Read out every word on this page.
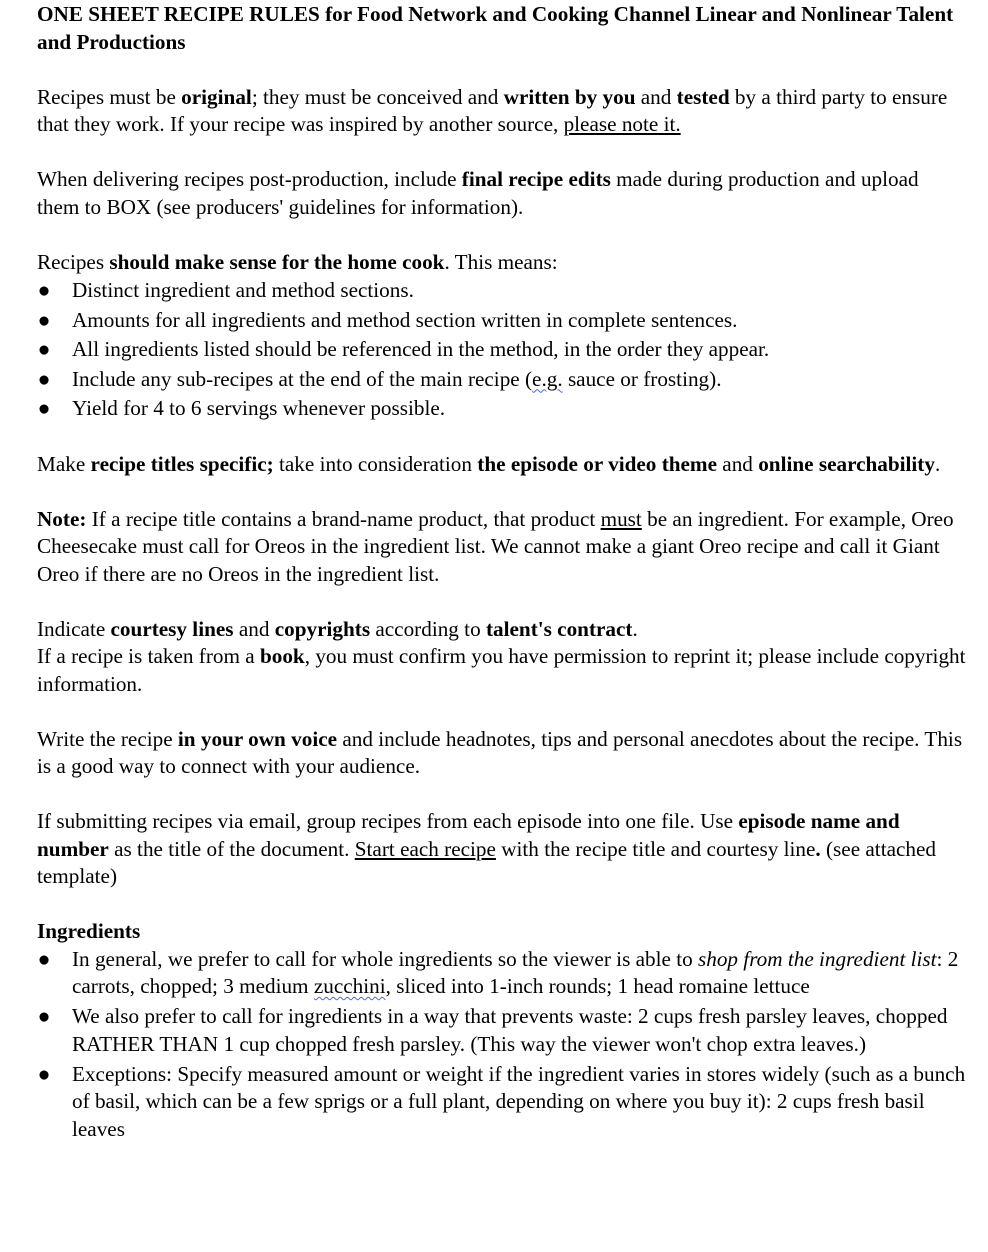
ONE SHEET RECIPE RULES for Food Network and Cooking Channel Linear and Nonlinear Talent and Productions

Recipes must be original; they must be conceived and written by you and tested by a third party to ensure that they work. If your recipe was inspired by another source, please note it.

When delivering recipes post-production, include final recipe edits made during production and upload them to BOX (see producers' guidelines for information).

Recipes should make sense for the home cook. This means:

● Distinct ingredient and method sections.
● Amounts for all ingredients and method section written in complete sentences.
● All ingredients listed should be referenced in the method, in the order they appear.
● Include any sub-recipes at the end of the main recipe (e.g. sauce or frosting).
● Yield for 4 to 6 servings whenever possible.

Make recipe titles specific; take into consideration the episode or video theme and online searchability.

Note: If a recipe title contains a brand-name product, that product must be an ingredient. For example, Oreo Cheesecake must call for Oreos in the ingredient list. We cannot make a giant Oreo recipe and call it Giant Oreo if there are no Oreos in the ingredient list.

Indicate courtesy lines and copyrights according to talent's contract.

If a recipe is taken from a book, you must confirm you have permission to reprint it; please include copyright information.

Write the recipe in your own voice and include headnotes, tips and personal anecdotes about the recipe. This is a good way to connect with your audience.

If submitting recipes via email, group recipes from each episode into one file. Use episode name and number as the title of the document. Start each recipe with the recipe title and courtesy line. (see attached template)

Ingredients

● In general, we prefer to call for whole ingredients so the viewer is able to shop from the ingredient list: 2 carrots, chopped; 3 medium zucchini, sliced into 1-inch rounds; 1 head romaine lettuce
● We also prefer to call for ingredients in a way that prevents waste: 2 cups fresh parsley leaves, chopped RATHER THAN 1 cup chopped fresh parsley. (This way the viewer won't chop extra leaves.)
● Exceptions: Specify measured amount or weight if the ingredient varies in stores widely (such as a bunch of basil, which can be a few sprigs or a full plant, depending on where you buy it): 2 cups fresh basil leaves
